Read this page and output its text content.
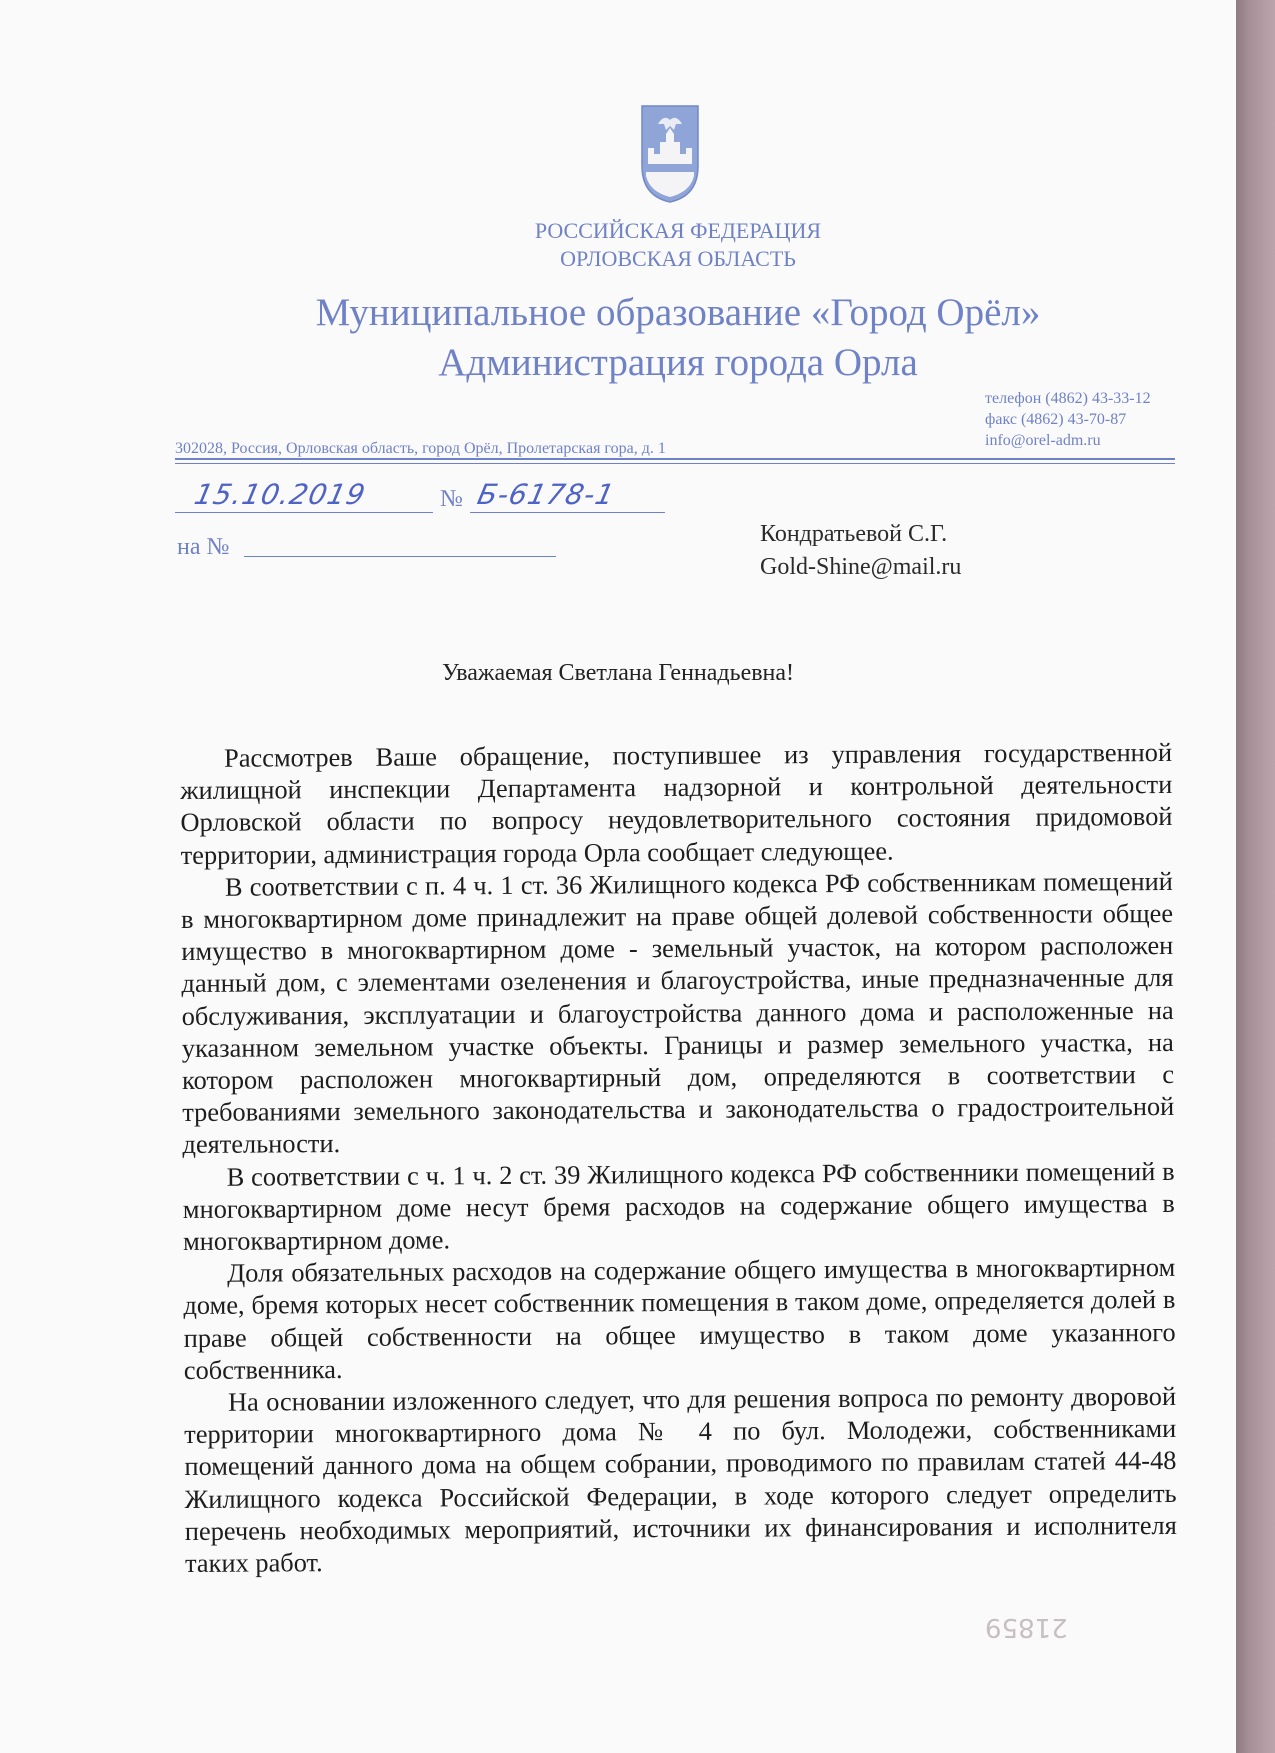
РОССИЙСКАЯ ФЕДЕРАЦИЯ

ОРЛОВСКАЯ ОБЛАСТЬ

Муниципальное образование «Город Орёл»

Администрация города Орла

телефон (4862) 43-33-12
факс (4862) 43-70-87
info@orel-adm.ru
302028, Россия, Орловская область, город Орёл, Пролетарская гора, д. 1
15.10.2019	№ Б-6178-1
на №	Кондратьевой С.Г.
Gold-Shine@mail.ru
Уважаемая Светлана Геннадьевна!

Рассмотрев Ваше обращение, поступившее из управления государственной жилищной инспекции Департамента надзорной и контрольной деятельности Орловской области по вопросу неудовлетворительного состояния придомовой территории, администрация города Орла сообщает следующее.

В соответствии с п. 4 ч. 1 ст. 36 Жилищного кодекса РФ собственникам помещений в многоквартирном доме принадлежит на праве общей долевой собственности общее имущество в многоквартирном доме - земельный участок, на котором расположен данный дом, с элементами озеленения и благоустройства, иные предназначенные для обслуживания, эксплуатации и благоустройства данного дома и расположенные на указанном земельном участке объекты. Границы и размер земельного участка, на котором расположен многоквартирный дом, определяются в соответствии с требованиями земельного законодательства и законодательства о градостроительной деятельности.

В соответствии с ч. 1 ч. 2 ст. 39 Жилищного кодекса РФ собственники помещений в многоквартирном доме несут бремя расходов на содержание общего имущества в многоквартирном доме.

Доля обязательных расходов на содержание общего имущества в многоквартирном доме, бремя которых несет собственник помещения в таком доме, определяется долей в праве общей собственности на общее имущество в таком доме указанного собственника.

На основании изложенного следует, что для решения вопроса по ремонту дворовой территории многоквартирного дома № 4 по бул. Молодежи, собственниками помещений данного дома на общем собрании, проводимого по правилам статей 44-48 Жилищного кодекса Российской Федерации, в ходе которого следует определить перечень необходимых мероприятий, источники их финансирования и исполнителя таких работ.

21859
